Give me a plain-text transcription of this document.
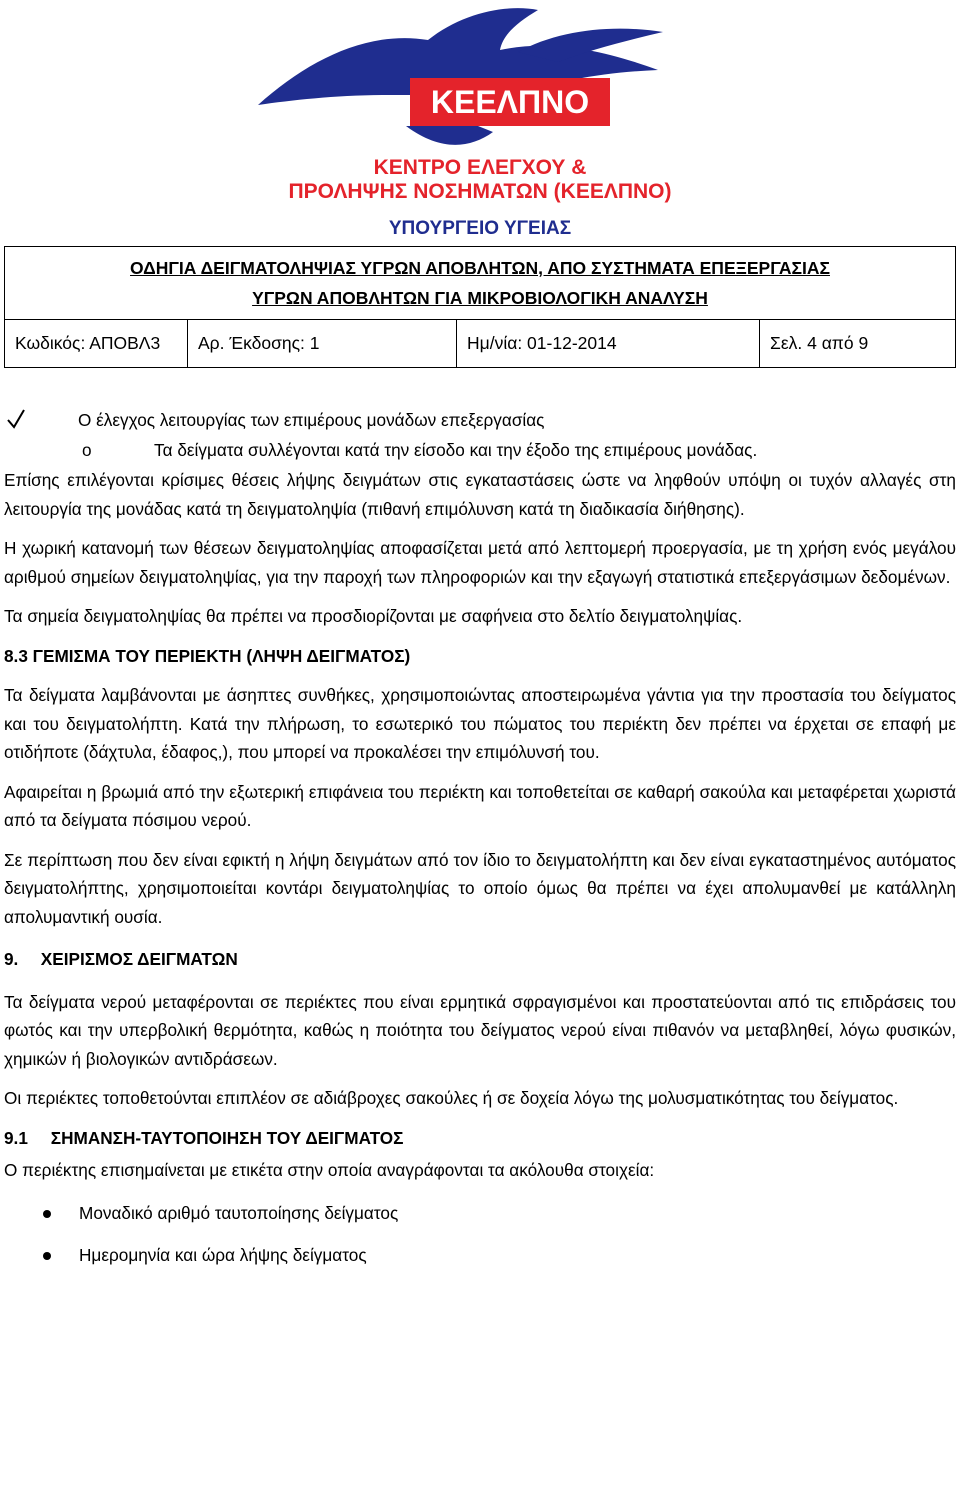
ΚΕΕΛΠΝΟ
ΚΕΝΤΡΟ ΕΛΕΓΧΟΥ &
ΠΡΟΛΗΨΗΣ ΝΟΣΗΜΑΤΩΝ (ΚΕΕΛΠΝΟ)
ΥΠΟΥΡΓΕΙΟ ΥΓΕΙΑΣ
ΟΔΗΓΙΑ ΔΕΙΓΜΑΤΟΛΗΨΙΑΣ ΥΓΡΩΝ ΑΠΟΒΛΗΤΩΝ, ΑΠΟ ΣΥΣΤΗΜΑΤΑ ΕΠΕΞΕΡΓΑΣΙΑΣ
ΥΓΡΩΝ ΑΠΟΒΛΗΤΩΝ ΓΙΑ ΜΙΚΡΟΒΙΟΛΟΓΙΚΗ ΑΝΑΛΥΣΗ

Κωδικός: ΑΠΟΒΛ3	Αρ. Έκδοσης: 1	Ημ/νία: 01-12-2014	Σελ. 4 από 9
Ο έλεγχος λειτουργίας των επιμέρους μονάδων επεξεργασίας
o	Τα δείγματα συλλέγονται κατά την είσοδο και την έξοδο της επιμέρους μονάδας.

Επίσης επιλέγονται κρίσιμες θέσεις λήψης δειγμάτων στις εγκαταστάσεις ώστε να ληφθούν υπόψη οι τυχόν αλλαγές στη λειτουργία της μονάδας κατά τη δειγματοληψία (πιθανή επιμόλυνση κατά τη διαδικασία διήθησης).

Η χωρική κατανομή των θέσεων δειγματοληψίας αποφασίζεται μετά από λεπτομερή προεργασία, με τη χρήση ενός μεγάλου αριθμού σημείων δειγματοληψίας, για την παροχή των πληροφοριών και την εξαγωγή στατιστικά επεξεργάσιμων δεδομένων.

Τα σημεία δειγματοληψίας θα πρέπει να προσδιορίζονται με σαφήνεια στο δελτίο δειγματοληψίας.

8.3 ΓΕΜΙΣΜΑ ΤΟΥ ΠΕΡΙΕΚΤΗ (ΛΗΨΗ ΔΕΙΓΜΑΤΟΣ)

Τα δείγματα λαμβάνονται με άσηπτες συνθήκες, χρησιμοποιώντας αποστειρωμένα γάντια για την προστασία του δείγματος και του δειγματολήπτη. Κατά την πλήρωση, το εσωτερικό του πώματος του περιέκτη δεν πρέπει να έρχεται σε επαφή με οτιδήποτε (δάχτυλα, έδαφος,), που μπορεί να προκαλέσει την επιμόλυνσή του.

Αφαιρείται η βρωμιά από την εξωτερική επιφάνεια του περιέκτη και τοποθετείται σε καθαρή σακούλα και μεταφέρεται χωριστά από τα δείγματα πόσιμου νερού.

Σε περίπτωση που δεν είναι εφικτή η λήψη δειγμάτων από τον ίδιο το δειγματολήπτη και δεν είναι εγκαταστημένος αυτόματος δειγματολήπτης, χρησιμοποιείται κοντάρι δειγματοληψίας το οποίο όμως θα πρέπει να έχει απολυμανθεί με κατάλληλη απολυμαντική ουσία.

9. ΧΕΙΡΙΣΜΟΣ ΔΕΙΓΜΑΤΩΝ

Τα δείγματα νερού μεταφέρονται σε περιέκτες που είναι ερμητικά σφραγισμένοι και προστατεύονται από τις επιδράσεις του φωτός και την υπερβολική θερμότητα, καθώς η ποιότητα του δείγματος νερού είναι πιθανόν να μεταβληθεί, λόγω φυσικών, χημικών ή βιολογικών αντιδράσεων.

Οι περιέκτες τοποθετούνται επιπλέον σε αδιάβροχες σακούλες ή σε δοχεία λόγω της μολυσματικότητας του δείγματος.

9.1 ΣΗΜΑΝΣΗ-ΤΑΥΤΟΠΟΙΗΣΗ ΤΟΥ ΔΕΙΓΜΑΤΟΣ

Ο περιέκτης επισημαίνεται με ετικέτα στην οποία αναγράφονται τα ακόλουθα στοιχεία:

Μοναδικό αριθμό ταυτοποίησης δείγματος
Ημερομηνία και ώρα λήψης δείγματος
